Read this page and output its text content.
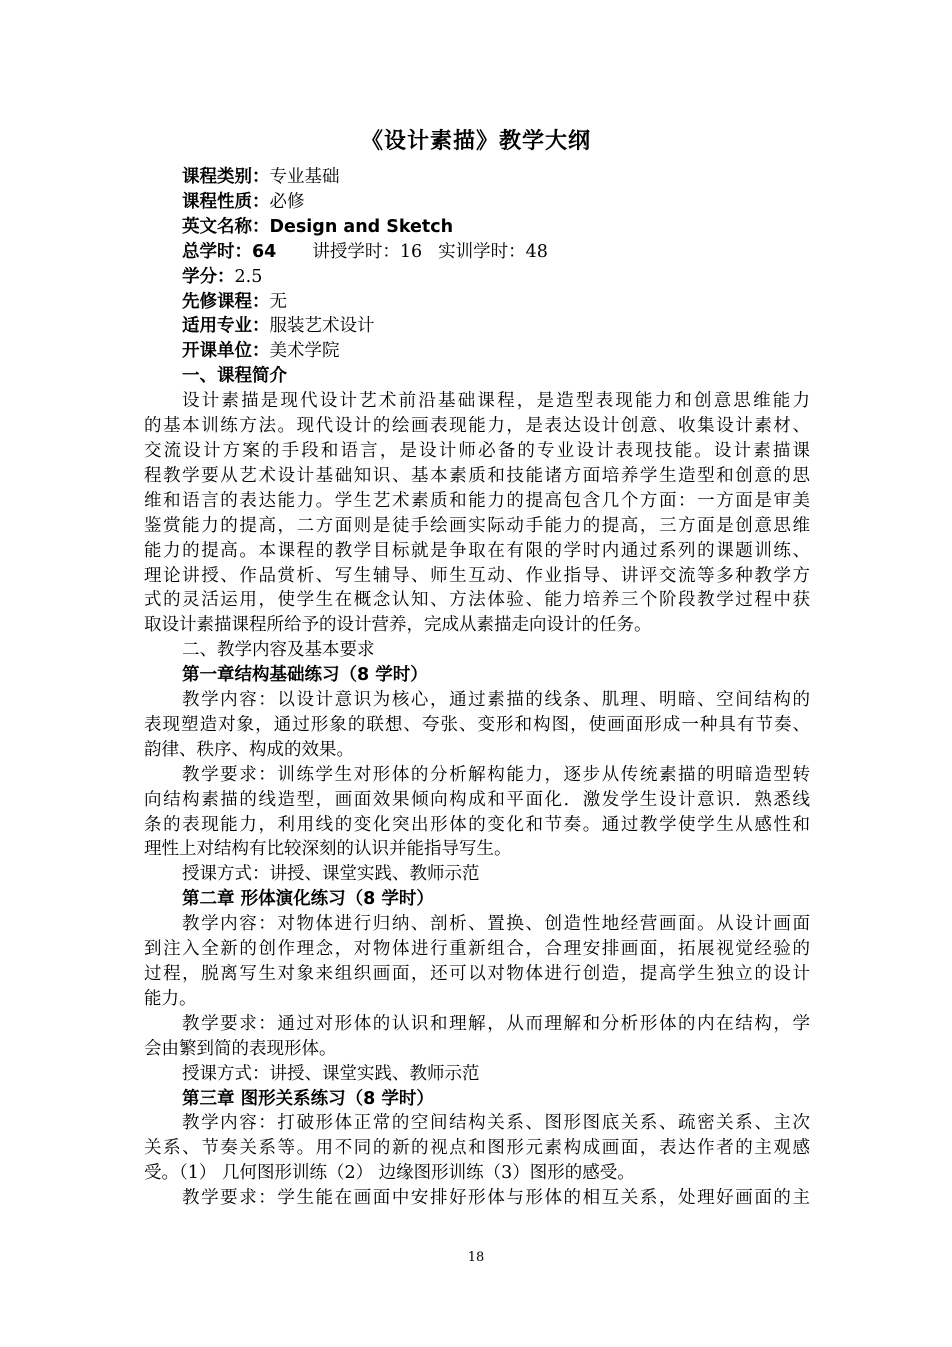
《设计素描》教学大纲
课程类别：专业基础
课程性质：必修
英文名称：Design and Sketch
总学时：64 讲授学时：16 实训学时：48
学分：2.5
先修课程：无
适用专业：服装艺术设计
开课单位：美术学院
一、课程简介
设计素描是现代设计艺术前沿基础课程，是造型表现能力和创意思维能力
的基本训练方法。现代设计的绘画表现能力，是表达设计创意、收集设计素材、
交流设计方案的手段和语言，是设计师必备的专业设计表现技能。设计素描课
程教学要从艺术设计基础知识、基本素质和技能诸方面培养学生造型和创意的思
维和语言的表达能力。学生艺术素质和能力的提高包含几个方面：一方面是审美
鉴赏能力的提高，二方面则是徒手绘画实际动手能力的提高，三方面是创意思维
能力的提高。本课程的教学目标就是争取在有限的学时内通过系列的课题训练、
理论讲授、作品赏析、写生辅导、师生互动、作业指导、讲评交流等多种教学方
式的灵活运用，使学生在概念认知、方法体验、能力培养三个阶段教学过程中获
取设计素描课程所给予的设计营养，完成从素描走向设计的任务。
二、教学内容及基本要求
第一章结构基础练习（8 学时）
教学内容：以设计意识为核心，通过素描的线条、肌理、明暗、空间结构的
表现塑造对象，通过形象的联想、夸张、变形和构图，使画面形成一种具有节奏、
韵律、秩序、构成的效果。
教学要求：训练学生对形体的分析解构能力，逐步从传统素描的明暗造型转
向结构素描的线造型，画面效果倾向构成和平面化．激发学生设计意识．熟悉线
条的表现能力，利用线的变化突出形体的变化和节奏。通过教学使学生从感性和
理性上对结构有比较深刻的认识并能指导写生。
授课方式：讲授、课堂实践、教师示范
第二章 形体演化练习（8 学时）
教学内容：对物体进行归纳、剖析、置换、创造性地经营画面。从设计画面
到注入全新的创作理念，对物体进行重新组合，合理安排画面，拓展视觉经验的
过程，脱离写生对象来组织画面，还可以对物体进行创造，提高学生独立的设计
能力。
教学要求：通过对形体的认识和理解，从而理解和分析形体的内在结构，学
会由繁到简的表现形体。
授课方式：讲授、课堂实践、教师示范
第三章 图形关系练习（8 学时）
教学内容：打破形体正常的空间结构关系、图形图底关系、疏密关系、主次
关系、节奏关系等。用不同的新的视点和图形元素构成画面，表达作者的主观感
受。（1） 几何图形训练（2） 边缘图形训练（3）图形的感受。
教学要求：学生能在画面中安排好形体与形体的相互关系，处理好画面的主
18
